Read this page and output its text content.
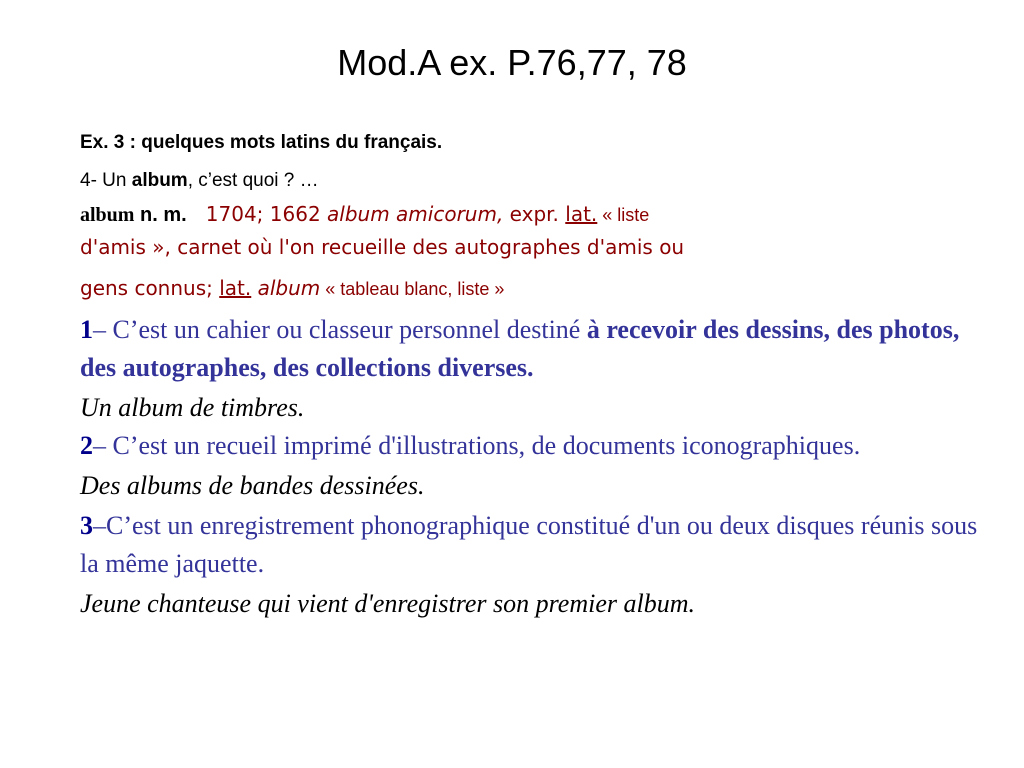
Mod.A ex. P.76,77, 78

Ex. 3 : quelques mots latins du français.

4- Un album, c’est quoi ? …

album n. m. 1704; 1662 album amicorum, expr. lat. « liste
d'amis », carnet où l'on recueille des autographes d'amis ou
gens connus; lat. album « tableau blanc, liste »

1– C’est un cahier ou classeur personnel destiné à recevoir des dessins, des photos, des autographes, des collections diverses.

Un album de timbres.

2– C’est un recueil imprimé d'illustrations, de documents iconographiques.

Des albums de bandes dessinées.

3–C’est un enregistrement phonographique constitué d'un ou deux disques réunis sous la même jaquette.

Jeune chanteuse qui vient d'enregistrer son premier album.
